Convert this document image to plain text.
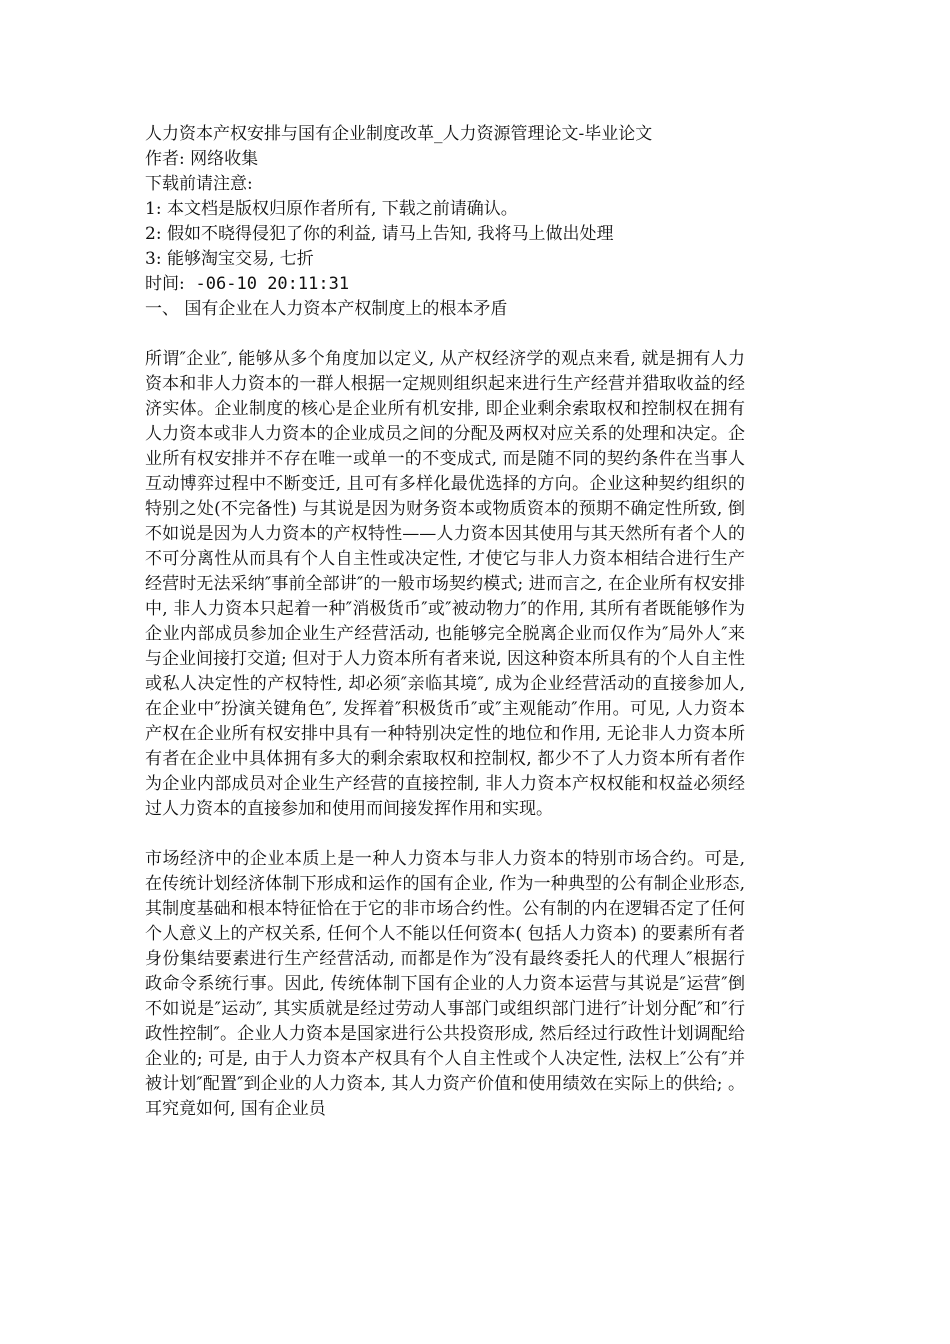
人力资本产权安排与国有企业制度改革_人力资源管理论文-毕业论文
作者: 网络收集
下载前请注意:
1: 本文档是版权归原作者所有, 下载之前请确认。
2: 假如不晓得侵犯了你的利益, 请马上告知, 我将马上做出处理
3: 能够淘宝交易, 七折
时间: -06-10 20:11:31
一、 国有企业在人力资本产权制度上的根本矛盾

所谓″企业″, 能够从多个角度加以定义, 从产权经济学的观点来看, 就是拥有人力资本和非人力资本的一群人根据一定规则组织起来进行生产经营并猎取收益的经济实体。企业制度的核心是企业所有机安排, 即企业剩余索取权和控制权在拥有人力资本或非人力资本的企业成员之间的分配及两权对应关系的处理和决定。企业所有权安排并不存在唯一或单一的不变成式, 而是随不同的契约条件在当事人互动博弈过程中不断变迁, 且可有多样化最优选择的方向。企业这种契约组织的特别之处(不完备性) 与其说是因为财务资本或物质资本的预期不确定性所致, 倒不如说是因为人力资本的产权特性——人力资本因其使用与其天然所有者个人的不可分离性从而具有个人自主性或决定性, 才使它与非人力资本相结合进行生产经营时无法采纳″事前全部讲″的一般市场契约模式; 进而言之, 在企业所有权安排中, 非人力资本只起着一种″消极货币″或″被动物力″的作用, 其所有者既能够作为企业内部成员参加企业生产经营活动, 也能够完全脱离企业而仅作为″局外人″来与企业间接打交道; 但对于人力资本所有者来说, 因这种资本所具有的个人自主性或私人决定性的产权特性, 却必须″亲临其境″, 成为企业经营活动的直接参加人, 在企业中″扮演关键角色″, 发挥着″积极货币″或″主观能动″作用。可见, 人力资本产权在企业所有权安排中具有一种特别决定性的地位和作用, 无论非人力资本所有者在企业中具体拥有多大的剩余索取权和控制权, 都少不了人力资本所有者作为企业内部成员对企业生产经营的直接控制, 非人力资本产权权能和权益必须经过人力资本的直接参加和使用而间接发挥作用和实现。

市场经济中的企业本质上是一种人力资本与非人力资本的特别市场合约。可是, 在传统计划经济体制下形成和运作的国有企业, 作为一种典型的公有制企业形态, 其制度基础和根本特征恰在于它的非市场合约性。公有制的内在逻辑否定了任何个人意义上的产权关系, 任何个人不能以任何资本( 包括人力资本) 的要素所有者身份集结要素进行生产经营活动, 而都是作为″没有最终委托人的代理人″根据行政命令系统行事。因此, 传统体制下国有企业的人力资本运营与其说是″运营″倒不如说是″运动″, 其实质就是经过劳动人事部门或组织部门进行″计划分配″和″行政性控制″。企业人力资本是国家进行公共投资形成, 然后经过行政性计划调配给企业的; 可是, 由于人力资本产权具有个人自主性或个人决定性, 法权上″公有″并被计划″配置″到企业的人力资本, 其人力资产价值和使用绩效在实际上的供给; 。耳究竟如何, 国有企业员
